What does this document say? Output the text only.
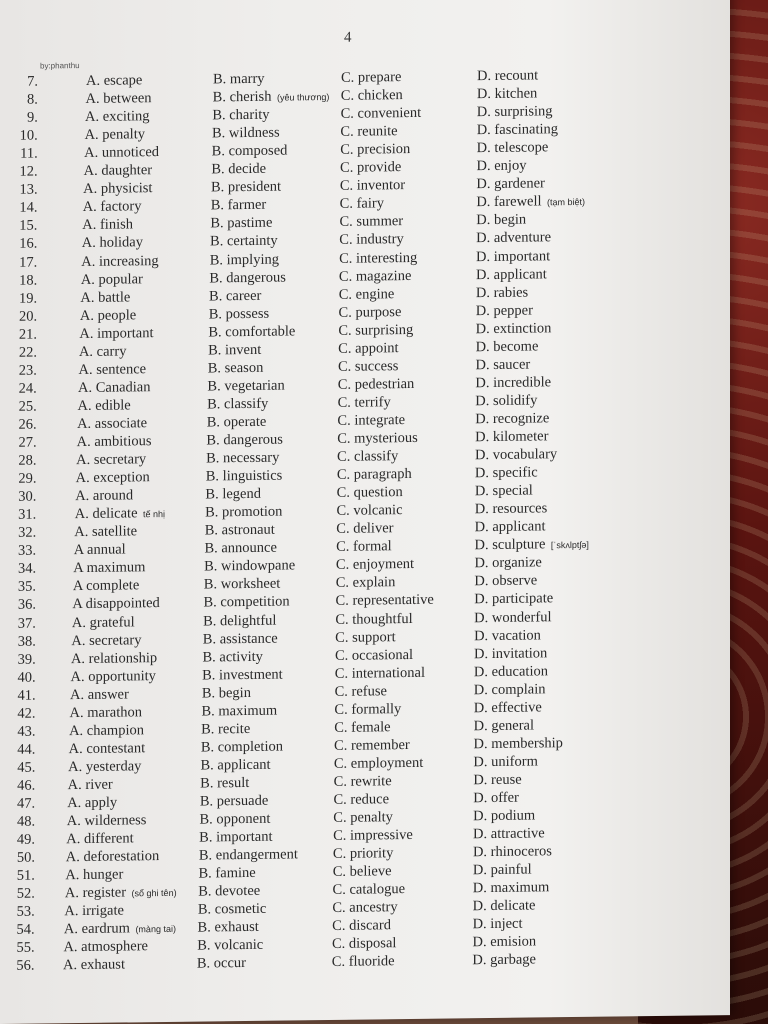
4
by:phanthu
7.	A. escape	B. marry	C. prepare	D. recount
8.	A. between	B. cherish (yêu thương) C. chicken	D. kitchen
9.	A. exciting	B. charity	C. convenient	D. surprising
10.	A. penalty	B. wildness	C. reunite	D. fascinating
11.	A. unnoticed	B. composed	C. precision	D. telescope
12.	A. daughter	B. decide	C. provide	D. enjoy
13.	A. physicist	B. president	C. inventor	D. gardener
14.	A. factory	B. farmer	C. fairy	D. farewell (tạm biệt)
15.	A. finish	B. pastime	C. summer	D. begin
16.	A. holiday	B. certainty	C. industry	D. adventure
17.	A. increasing	B. implying	C. interesting	D. important
18.	A. popular	B. dangerous	C. magazine	D. applicant
19.	A. battle	B. career	C. engine	D. rabies
20.	A. people	B. possess	C. purpose	D. pepper
21.	A. important	B. comfortable	C. surprising	D. extinction
22.	A. carry	B. invent	C. appoint	D. become
23.	A. sentence	B. season	C. success	D. saucer
24.	A. Canadian	B. vegetarian	C. pedestrian	D. incredible
25.	A. edible	B. classify	C. terrify	D. solidify
26.	A. associate	B. operate	C. integrate	D. recognize
27.	A. ambitious	B. dangerous	C. mysterious	D. kilometer
28.	A. secretary	B. necessary	C. classify	D. vocabulary
29.	A. exception	B. linguistics	C. paragraph	D. specific
30.	A. around	B. legend	C. question	D. special
31.	A. delicate tế nhị	B. promotion	C. volcanic	D. resources
32.	A. satellite	B. astronaut	C. deliver	D. applicant
33.	A annual	B. announce	C. formal	D. sculpture [ˈskʌlptʃə]
34.	A maximum	B. windowpane	C. enjoyment	D. organize
35.	A complete	B. worksheet	C. explain	D. observe
36.	A disappointed	B. competition	C. representative	D. participate
37. A. grateful	B. delightful	C. thoughtful	D. wonderful
38. A. secretary	B. assistance	C. support	D. vacation
39. A. relationship	B. activity	C. occasional	D. invitation
40. A. opportunity	B. investment	C. international	D. education
41. A. answer	B. begin	C. refuse	D. complain
42. A. marathon	B. maximum	C. formally	D. effective
43. A. champion	B. recite	C. female	D. general
44. A. contestant	B. completion	C. remember	D. membership
45. A. yesterday	B. applicant	C. employment	D. uniform
46. A. river	B. result	C. rewrite	D. reuse
47. A. apply	B. persuade	C. reduce	D. offer
48. A. wilderness	B. opponent	C. penalty	D. podium
49. A. different	B. important	C. impressive	D. attractive
50. A. deforestation	B. endangerment C. priority	D. rhinoceros
51. A. hunger	B. famine	C. believe	D. painful
52. A. register (sổ ghi tên) B. devotee	C. catalogue	D. maximum
53. A. irrigate	B. cosmetic	C. ancestry	D. delicate
54. A. eardrum (màng tai) B. exhaust	C. discard	D. inject
55. A. atmosphere	B. volcanic	C. disposal	D. emision
56. A. exhaust	B. occur	C. fluoride	D. garbage
